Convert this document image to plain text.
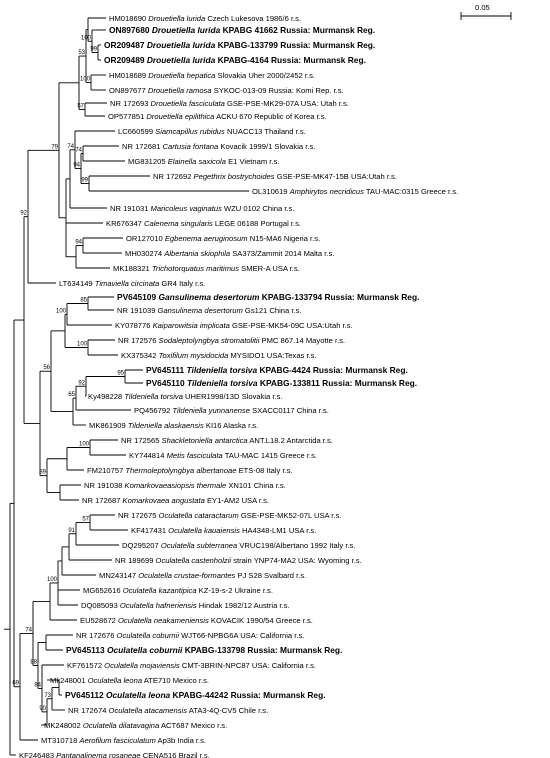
100
99
53
100
57
74
94
99
74
79
94
92
85
100
56
100
95
92
65
100
89
57
91
100
74
88
84
73
90
69
HM018690 Drouetiella lurida Czech Lukesova 1986/6 r.s.
ON897680 Drouetiella lurida KPABG 41662 Russia: Murmansk Reg.
OR209487 Drouetiella lurida KPABG-133799 Russia: Murmansk Reg.
OR209489 Drouetiella lurida KPABG-4164 Russia: Murmansk Reg.
HM018689 Drouetiella hepatica Slovakia Uher 2000/2452 r.s.
ON897677 Drouetiella ramosa SYKOC-013-09 Russia: Komi Rep. r.s.
NR 172693 Drouetiella fasciculata GSE-PSE-MK29-07A USA: Utah r.s.
OP577851 Drouetiella epilithica ACKU 670 Republic of Korea r.s.
LC660599 Siamcapillus rubidus NUACC13 Thailand r.s.
NR 172681 Cartusia fontana Kovacik 1999/1 Slovakia r.s.
MG831205 Elainella saxicola E1 Vietnam r.s.
NR 172692 Pegethrix bostrychoides GSE-PSE-MK47-15B USA:Utah r.s.
OL310619 Amphirytos necridicus TAU-MAC:0315 Greece r.s.
NR 191031 Maricoleus vaginatus WZU 0102 China r.s.
KR676347 Calenema singularis LEGE 06188 Portugal r.s.
OR127010 Egbenema aeruginosum N15-MA6 Nigeria r.s.
MH030274 Albertania skiophila SA373/Zammit 2014 Malta r.s.
MK188321 Trichotorquatus maritimus SMER-A USA r.s.
LT634149 Timaviella circinata GR4 Italy r.s.
PV645109 Gansulinema desertorum KPABG-133794 Russia: Murmansk Reg.
NR 191039 Gansulinema desertorum Gs121 China r.s.
KY078776 Kaiparowitsia implicata GSE-PSE-MK54-09C USA:Utah r.s.
NR 172576 Sodaleptolyngbya stromatolitii PMC 867.14 Mayotte r.s.
KX375342 Toxifilum mysidocida MYSIDO1 USA:Texas r.s.
PV645111 Tildeniella torsiva KPABG-4424 Russia: Murmansk Reg.
PV645110 Tildeniella torsiva KPABG-133811 Russia: Murmansk Reg.
Ky498228 Tildeniella torsiva UHER1998/13D Slovakia r.s.
PQ456792 Tildeniella yunnanense SXACC0117 China r.s.
MK861909 Tildeniella alaskaensis KI16 Alaska r.s.
NR 172565 Shackletoniella antarctica ANT.L18.2 Antarctida r.s.
KY744814 Metis fasciculata TAU-MAC 1415 Greece r.s.
FM210757 Thermoleptolyngbya albertanoae ETS-08 Italy r.s.
NR 191038 Komarkovaeasiopsis thermale XN101 China r.s.
NR 172687 Komarkovaea angustata EY1-AM2 USA r.s.
NR 172675 Oculatella cataractarum GSE-PSE-MK52-07L USA r.s.
KF417431 Oculatella kauaiensis HA4348-LM1 USA r.s.
DQ295207 Oculatella subterranea VRUC198/Albertano 1992 Italy r.s.
NR 189699 Oculatella castenholzii strain YNP74-MA2 USA: Wyoming r.s.
MN243147 Oculatella crustae-formantes PJ S28 Svalbard r.s.
MG652616 Oculatella kazantipica KZ-19-s-2 Ukraine r.s.
DQ085093 Oculatella hafneriensis Hindak 1982/12 Austria r.s.
EU528672 Oculatella neakameniensis KOVACIK 1990/54 Greece r.s.
NR 172676 Oculatella coburnii WJT66-NPBG6A USA: California r.s.
PV645113 Oculatella coburnii KPABG-133798 Russia: Murmansk Reg.
KF761572 Oculatella mojaviensis CMT-3BRIN-NPC87 USA: California r.s.
Mk248001 Oculatella leona ATE710 Mexico r.s.
PV645112 Oculatella leona KPABG-44242 Russia: Murmansk Reg.
NR 172674 Oculatella atacamensis ATA3-4Q-CV5 Chile r.s.
MK248002 Oculatella dilatavagina ACT687 Mexico r.s.
MT310718 Aerofilum fasciculatum Ap3b India r.s.
KF246483 Pantanalinema rosaneae CENA516 Brazil r.s.
0.05
